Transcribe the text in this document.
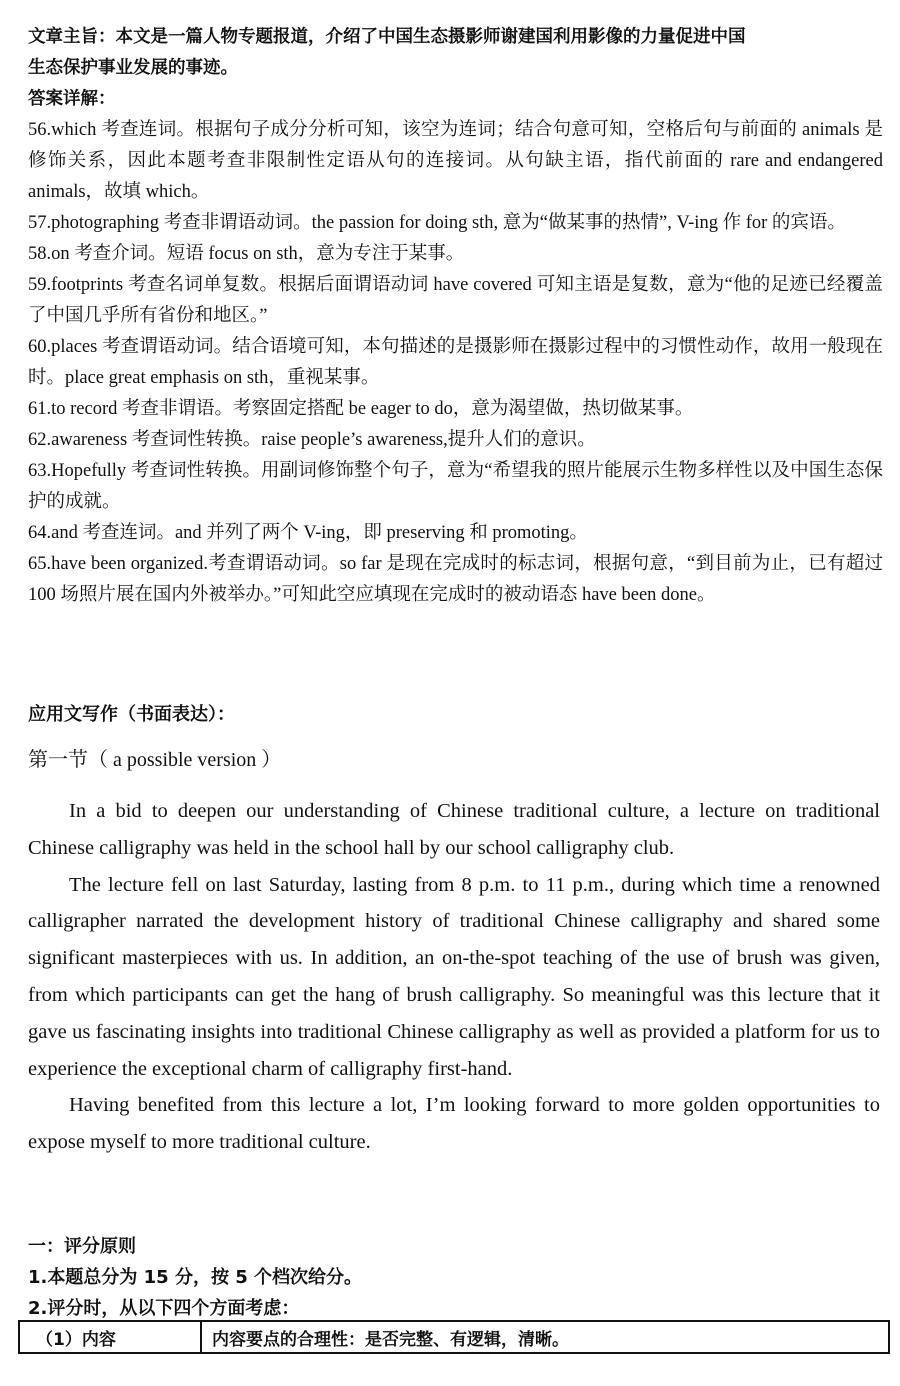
文章主旨：本文是一篇人物专题报道，介绍了中国生态摄影师谢建国利用影像的力量促进中国
生态保护事业发展的事迹。
答案详解：
56.which 考查连词。根据句子成分分析可知，该空为连词；结合句意可知，空格后句与前面的 animals 是修饰关系，因此本题考查非限制性定语从句的连接词。从句缺主语，指代前面的 rare and endangered animals，故填 which。
57.photographing 考查非谓语动词。the passion for doing sth, 意为“做某事的热情”, V-ing 作 for 的宾语。
58.on 考查介词。短语 focus on sth，意为专注于某事。
59.footprints 考查名词单复数。根据后面谓语动词 have covered 可知主语是复数，意为“他的足迹已经覆盖了中国几乎所有省份和地区。”
60.places 考查谓语动词。结合语境可知，本句描述的是摄影师在摄影过程中的习惯性动作，故用一般现在时。place great emphasis on sth，重视某事。
61.to record 考查非谓语。考察固定搭配 be eager to do，意为渴望做，热切做某事。
62.awareness 考查词性转换。raise people’s awareness,提升人们的意识。
63.Hopefully 考查词性转换。用副词修饰整个句子，意为“希望我的照片能展示生物多样性以及中国生态保护的成就。
64.and 考查连词。and 并列了两个 V-ing，即 preserving 和 promoting。
65.have been organized.考查谓语动词。so far 是现在完成时的标志词，根据句意，“到目前为止，已有超过 100 场照片展在国内外被举办。”可知此空应填现在完成时的被动语态 have been done。
应用文写作（书面表达）：
第一节（ a possible version ）

In a bid to deepen our understanding of Chinese traditional culture, a lecture on traditional Chinese calligraphy was held in the school hall by our school calligraphy club.

The lecture fell on last Saturday, lasting from 8 p.m. to 11 p.m., during which time a renowned calligrapher narrated the development history of traditional Chinese calligraphy and shared some significant masterpieces with us. In addition, an on-the-spot teaching of the use of brush was given, from which participants can get the hang of brush calligraphy. So meaningful was this lecture that it gave us fascinating insights into traditional Chinese calligraphy as well as provided a platform for us to experience the exceptional charm of calligraphy first-hand.

Having benefited from this lecture a lot, I’m looking forward to more golden opportunities to expose myself to more traditional culture.

一：评分原则
1.本题总分为 15 分，按 5 个档次给分。
2.评分时，从以下四个方面考虑：
（1）内容	内容要点的合理性：是否完整、有逻辑，清晰。
